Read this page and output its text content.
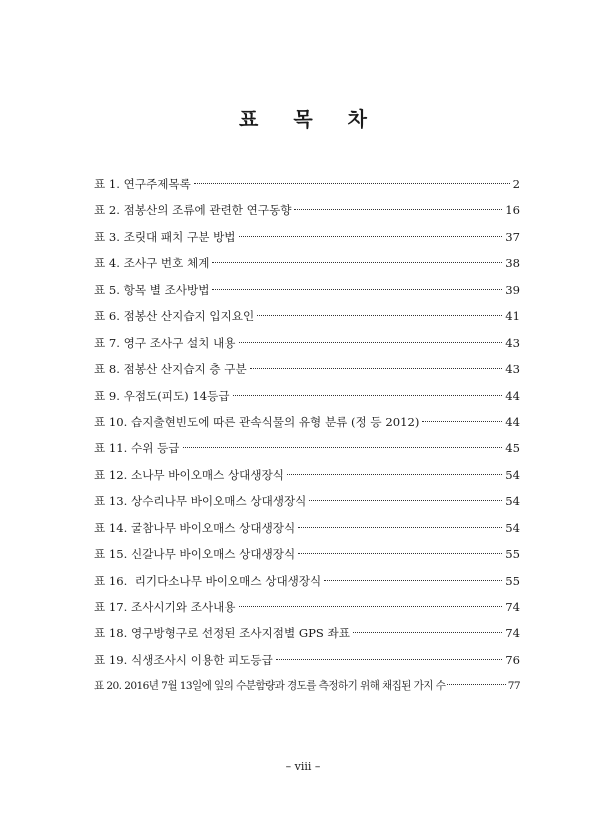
표 목 차
표 1. 연구주제목록	2
표 2. 점봉산의 조류에 관련한 연구동향	16
표 3. 조릿대 패치 구분 방법	37
표 4. 조사구 번호 체계	38
표 5. 항목 별 조사방법	39
표 6. 점봉산 산지습지 입지요인	41
표 7. 영구 조사구 설치 내용	43
표 8. 점봉산 산지습지 층 구분	43
표 9. 우점도(피도) 14등급	44
표 10. 습지출현빈도에 따른 관속식물의 유형 분류 (정 등 2012)	44
표 11. 수위 등급	45
표 12. 소나무 바이오매스 상대생장식	54
표 13. 상수리나무 바이오매스 상대생장식	54
표 14. 굴참나무 바이오매스 상대생장식	54
표 15. 신갈나무 바이오매스 상대생장식	55
표 16.  리기다소나무 바이오매스 상대생장식	55
표 17. 조사시기와 조사내용	74
표 18. 영구방형구로 선정된 조사지점별 GPS 좌표	74
표 19. 식생조사시 이용한 피도등급	76
표 20. 2016년 7월 13일에 잎의 수분함량과 경도를 측정하기 위해 채집된 가지 수	77
– viii –
